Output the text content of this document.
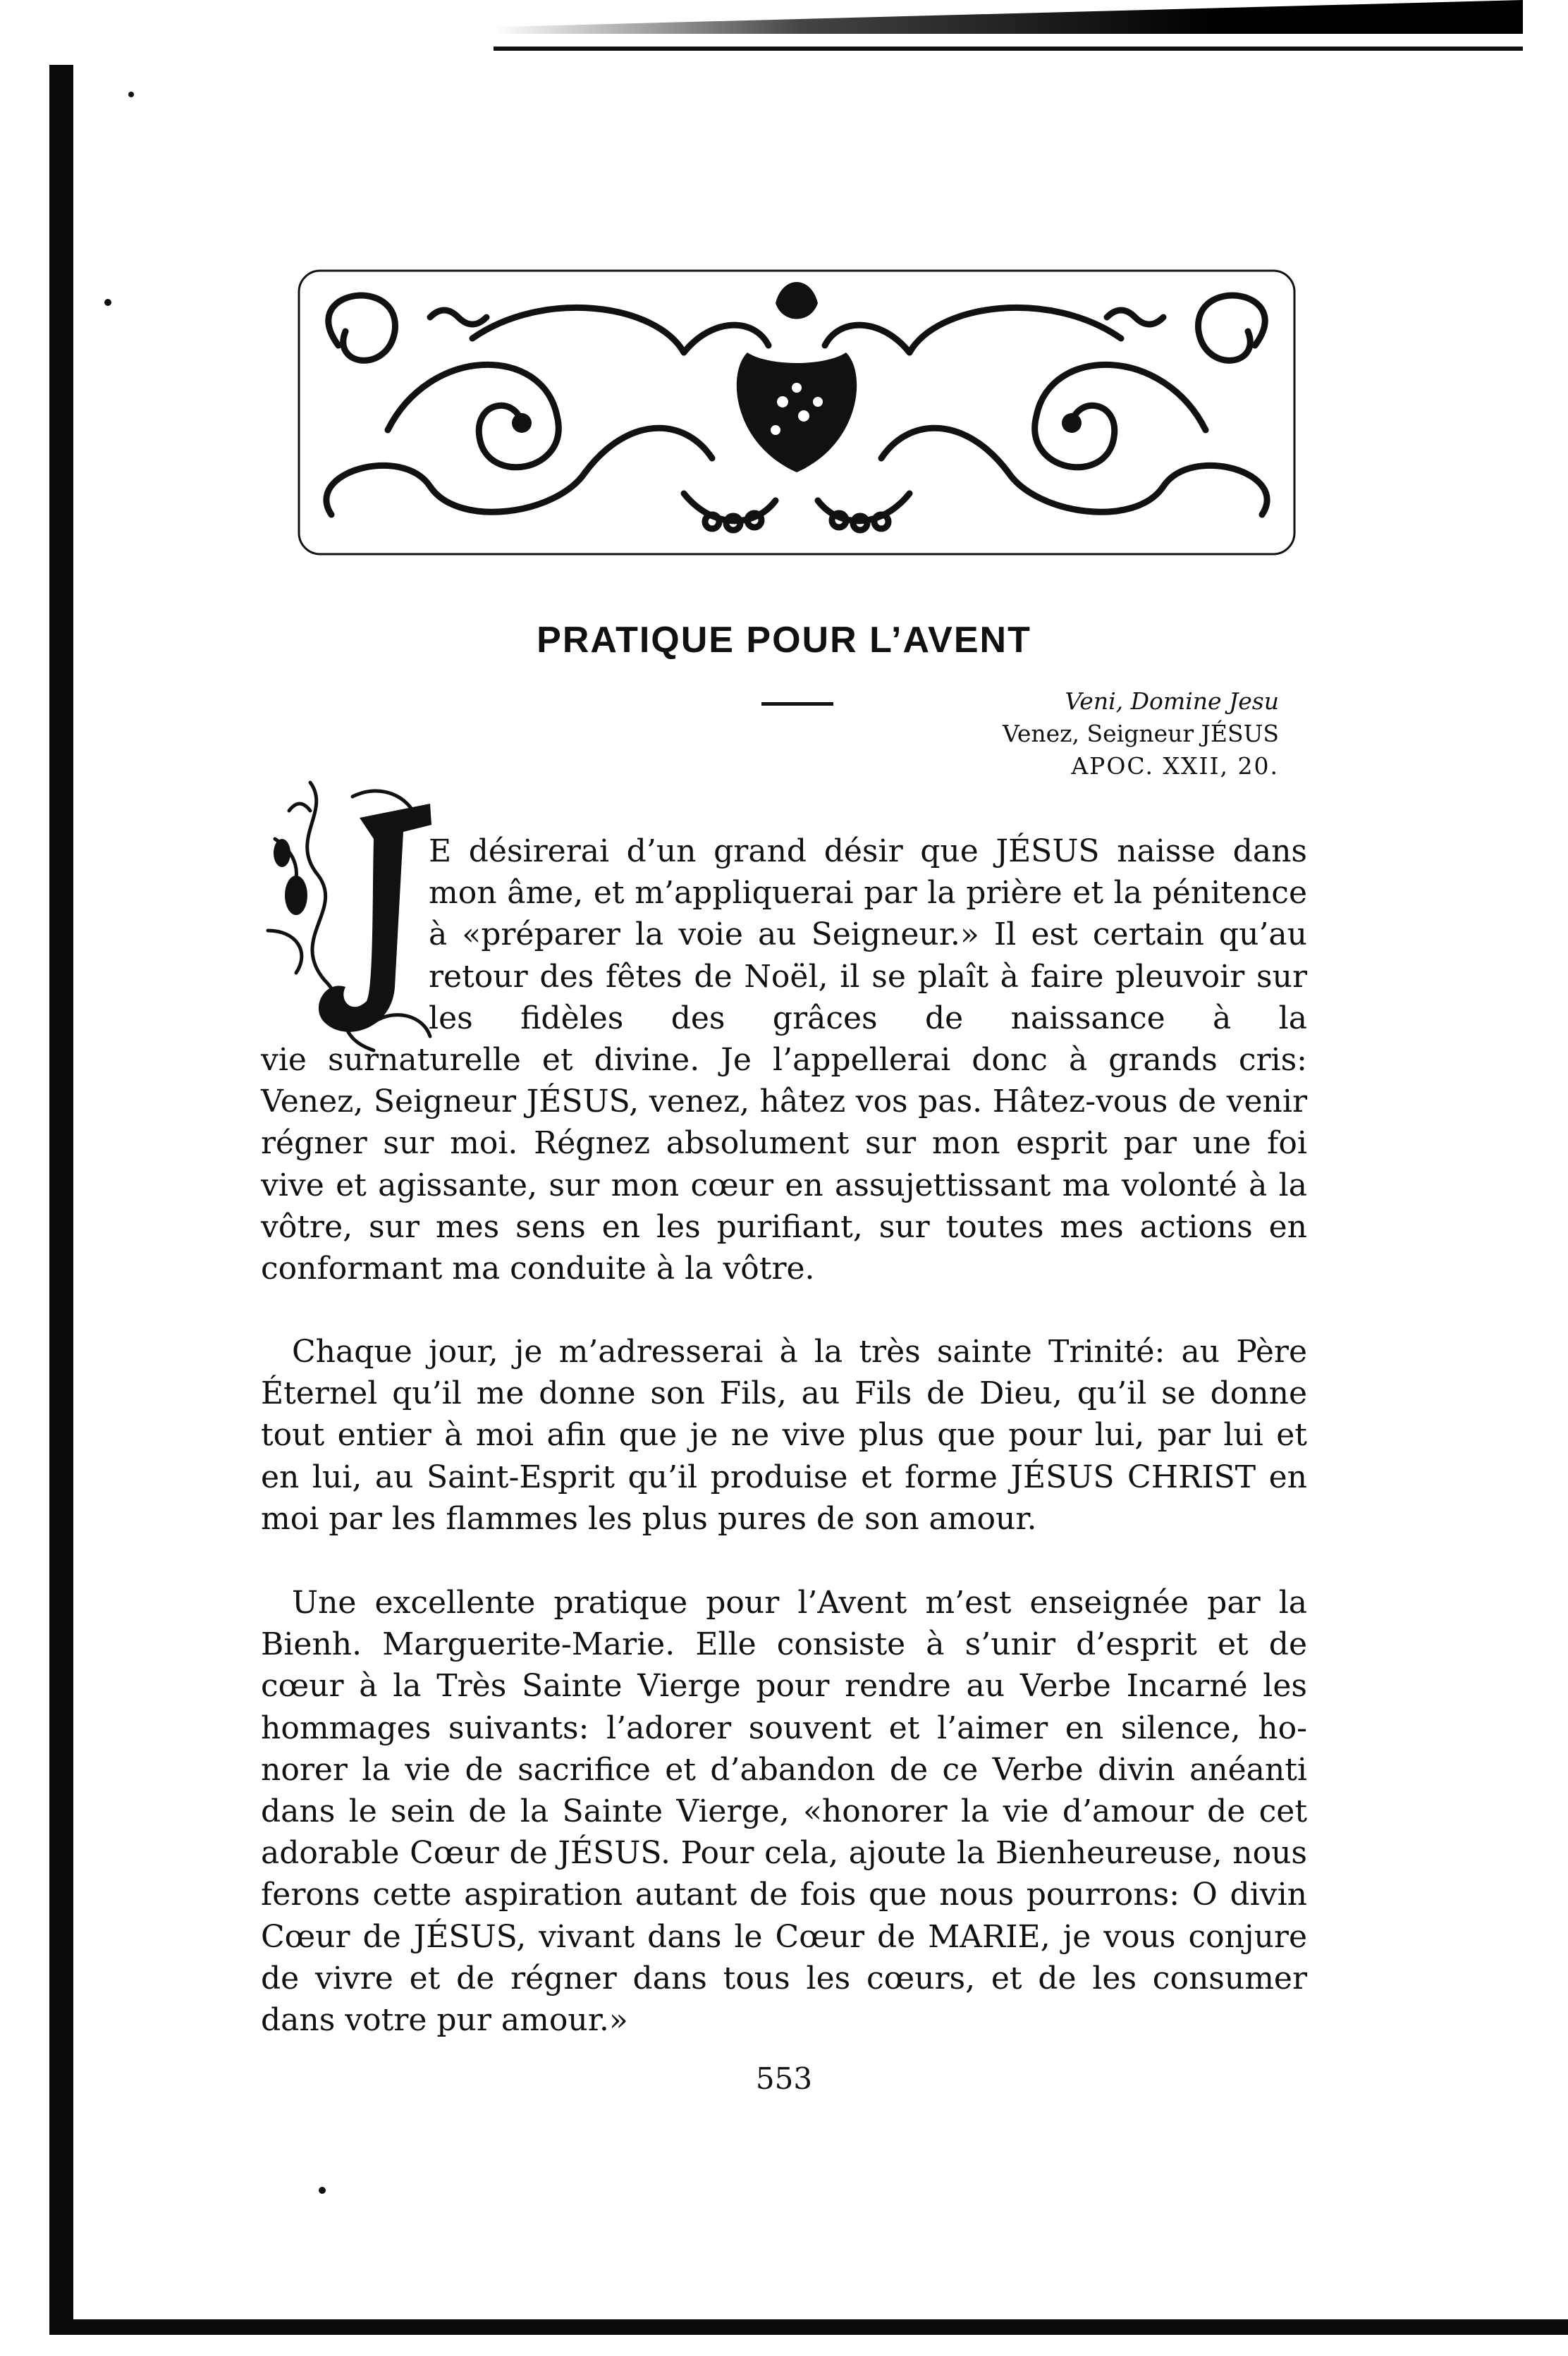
PRATIQUE POUR L’AVENT
Veni, Domine Jesu
Venez, Seigneur JÉSUS
APOC. XXII, 20.
J
E désirerai d’un grand désir que JÉSUS naisse dans mon âme, et m’appliquerai par la prière et la pénitence à «préparer la voie au Seigneur.» Il est certain qu’au retour des fêtes de Noël, il se plaît à faire pleuvoir sur les fidèles des grâces de naissance à la
vie surnaturelle et divine. Je l’appellerai donc à grands cris: Venez, Seigneur JÉSUS, venez, hâtez vos pas. Hâtez-vous de venir régner sur moi. Régnez absolument sur mon esprit par une foi vive et agissante, sur mon cœur en assujettissant ma volonté à la vôtre, sur mes sens en les purifiant, sur toutes mes actions en conformant ma conduite à la vôtre.
Chaque jour, je m’adresserai à la très sainte Trinité: au Père Éternel qu’il me donne son Fils, au Fils de Dieu, qu’il se donne tout entier à moi afin que je ne vive plus que pour lui, par lui et en lui, au Saint-Esprit qu’il produise et forme JÉSUS CHRIST en moi par les flammes les plus pures de son amour.
Une excellente pratique pour l’Avent m’est enseignée par la Bienh. Marguerite-Marie. Elle consiste à s’unir d’esprit et de cœur à la Très Sainte Vierge pour rendre au Verbe Incarné les hommages suivants: l’adorer souvent et l’aimer en silence, honorer la vie de sacrifice et d’abandon de ce Verbe divin anéanti dans le sein de la Sainte Vierge, «honorer la vie d’amour de cet adorable Cœur de JÉSUS. Pour cela, ajoute la Bienheureuse, nous ferons cette aspiration autant de fois que nous pourrons: O divin Cœur de JÉSUS, vivant dans le Cœur de MARIE, je vous conjure de vivre et de régner dans tous les cœurs, et de les consumer dans votre pur amour.»
553
